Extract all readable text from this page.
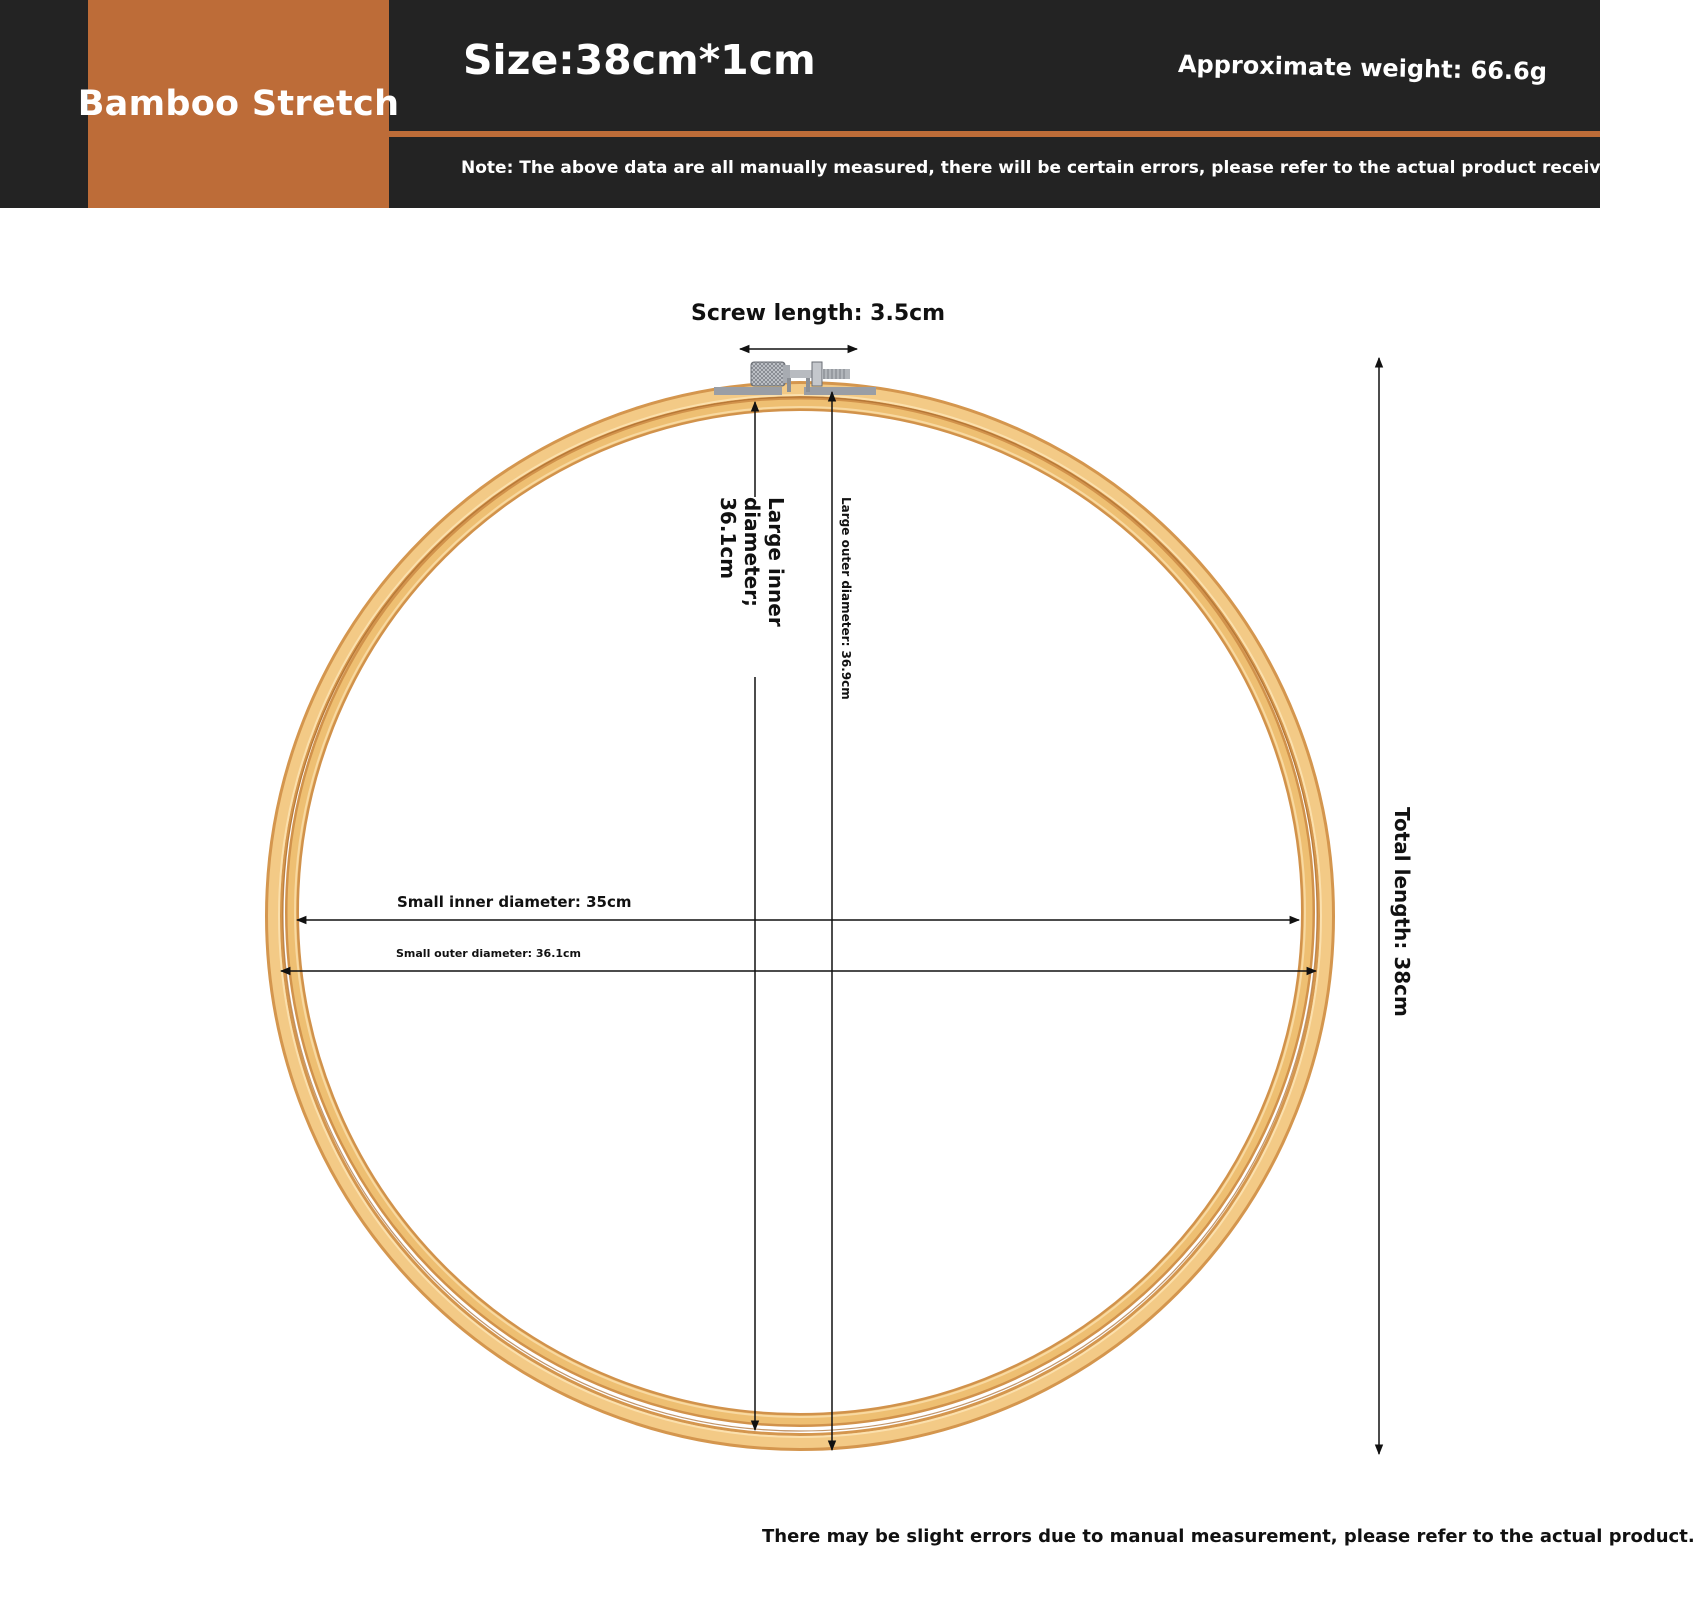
Bamboo Stretch
Size:38cm*1cm	Approximate weight: 66.6g
Note: The above data are all manually measured, there will be certain errors, please refer to the actual product received!
Screw length: 3.5cm
Large inner diameter; 36.1cm	Large outer diameter: 36.9cm
Small inner diameter: 35cm
Small outer diameter: 36.1cm	Total length: 38cm
There may be slight errors due to manual measurement, please refer to the actual product.
